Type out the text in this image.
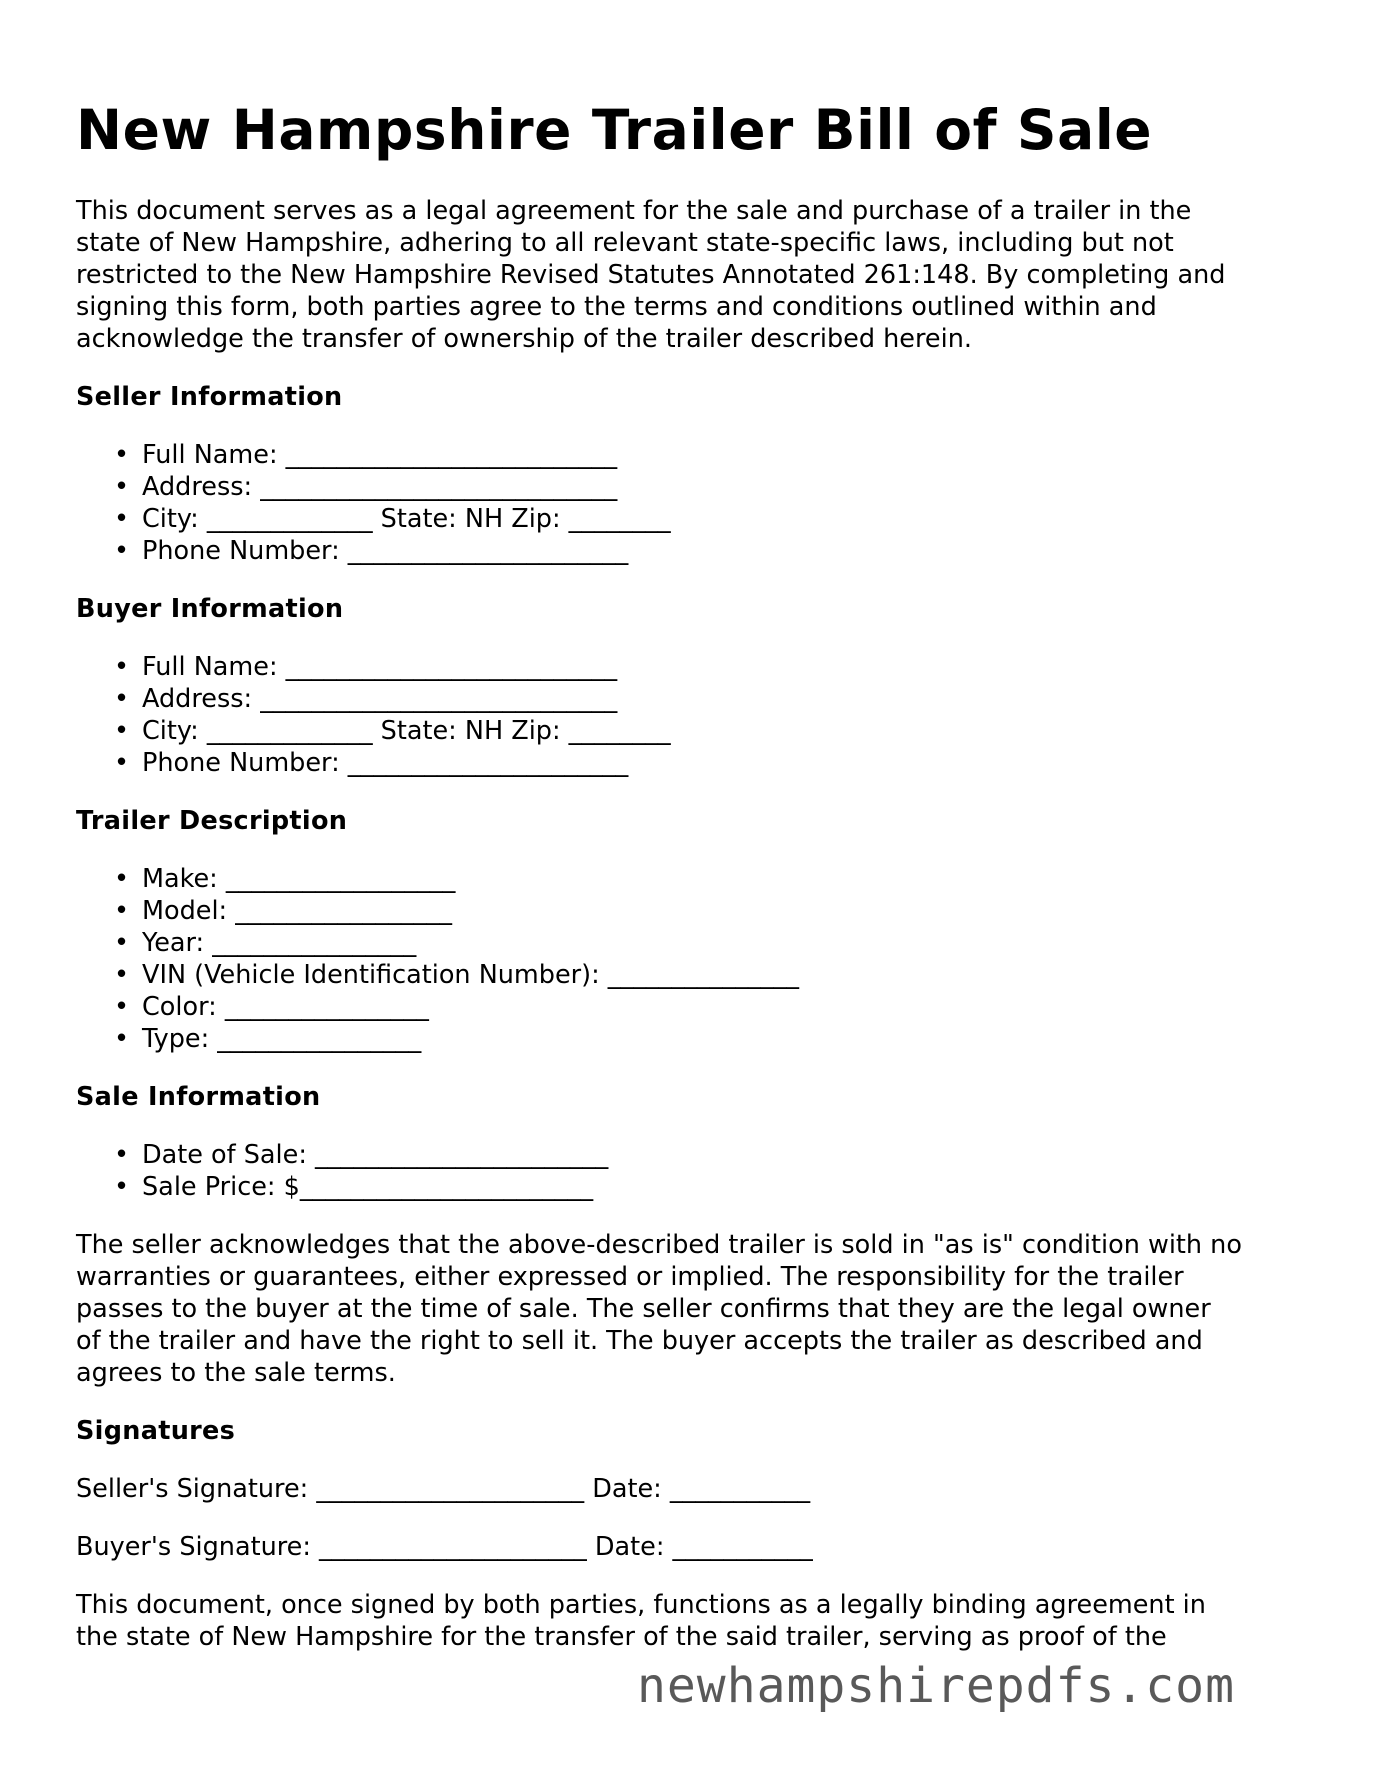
New Hampshire Trailer Bill of Sale

This document serves as a legal agreement for the sale and purchase of a trailer in the
state of New Hampshire, adhering to all relevant state-specific laws, including but not
restricted to the New Hampshire Revised Statutes Annotated 261:148. By completing and
signing this form, both parties agree to the terms and conditions outlined within and
acknowledge the transfer of ownership of the trailer described herein.

Seller Information
• Full Name: __________________________
• Address: ____________________________
• City: _____________ State: NH Zip: ________
• Phone Number: ______________________
Buyer Information
• Full Name: __________________________
• Address: ____________________________
• City: _____________ State: NH Zip: ________
• Phone Number: ______________________
Trailer Description
• Make: __________________
• Model: _________________
• Year: ________________
• VIN (Vehicle Identification Number): _______________
• Color: ________________
• Type: ________________
Sale Information
• Date of Sale: _______________________
• Sale Price: $_______________________

The seller acknowledges that the above-described trailer is sold in "as is" condition with no
warranties or guarantees, either expressed or implied. The responsibility for the trailer
passes to the buyer at the time of sale. The seller confirms that they are the legal owner
of the trailer and have the right to sell it. The buyer accepts the trailer as described and
agrees to the sale terms.

Signatures

Seller's Signature: _____________________ Date: ___________

Buyer's Signature: _____________________ Date: ___________

This document, once signed by both parties, functions as a legally binding agreement in
the state of New Hampshire for the transfer of the said trailer, serving as proof of the

newhampshirepdfs.com
